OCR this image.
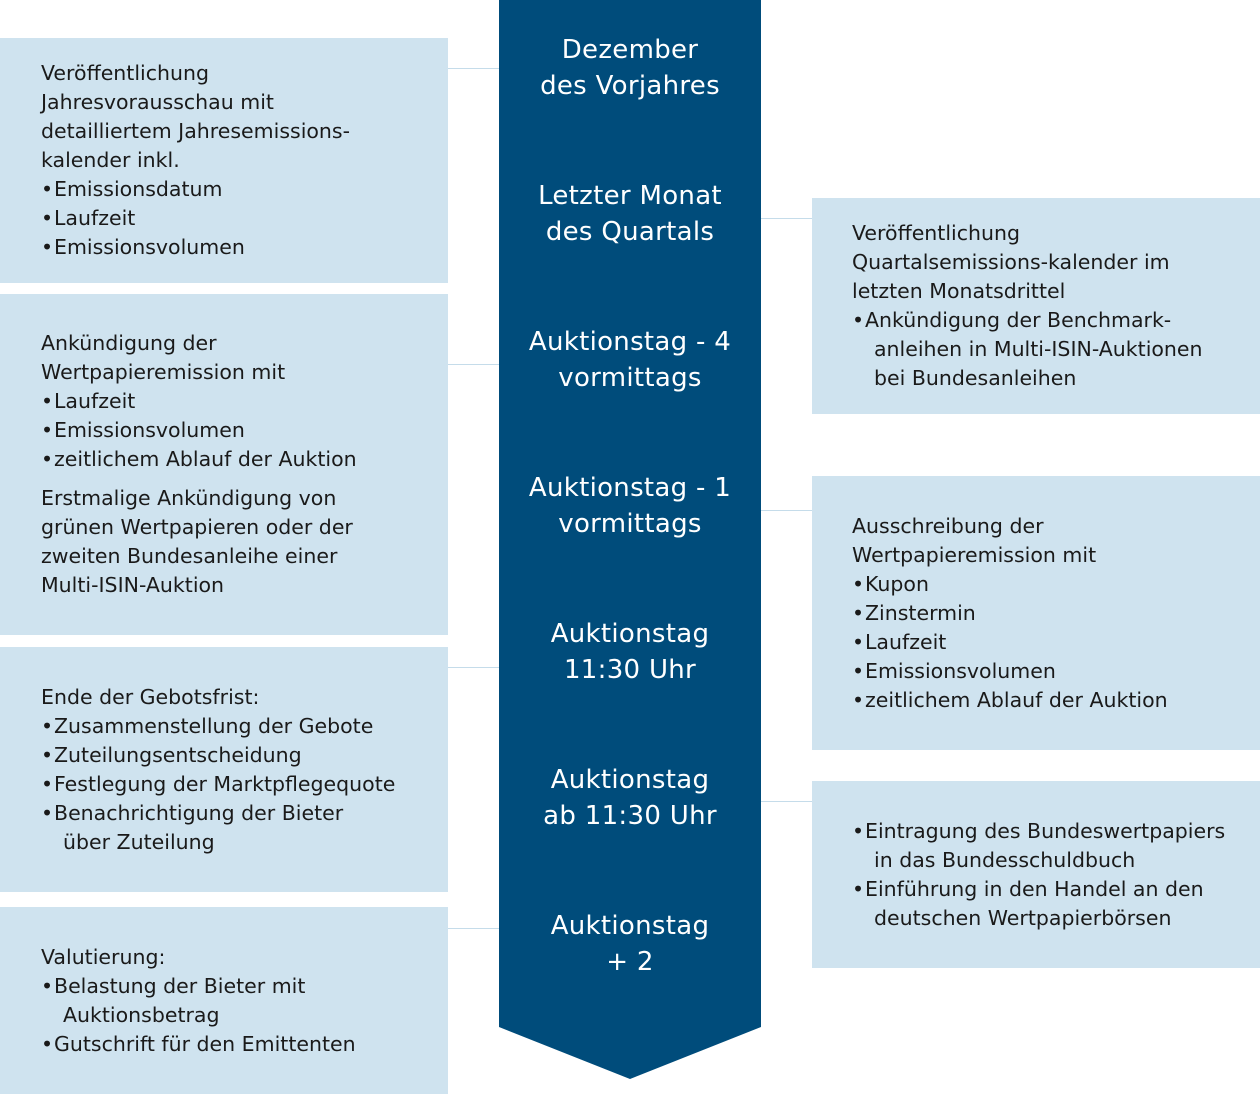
Dezember
des Vorjahres
Letzter Monat
des Quartals
Auktionstag - 4
vormittags
Auktionstag - 1
vormittags
Auktionstag
11:30 Uhr
Auktionstag
ab 11:30 Uhr
Auktionstag
+ 2

Veröffentlichung Jahresvorausschau mit detailliertem Jahresemissions-kalender inkl.

• Emissionsdatum
• Laufzeit
• Emissionsvolumen

Ankündigung der Wertpapieremission mit

• Laufzeit
• Emissionsvolumen
• zeitlichem Ablauf der Auktion

Erstmalige Ankündigung von grünen Wertpapieren oder der zweiten Bundesanleihe einer Multi-ISIN-Auktion

Ende der Gebotsfrist:

• Zusammenstellung der Gebote
• Zuteilungsentscheidung
• Festlegung der Marktpflegequote
• Benachrichtigung der Bieter
über Zuteilung

Valutierung:

• Belastung der Bieter mit
Auktionsbetrag
• Gutschrift für den Emittenten

Veröffentlichung Quartalsemissions-kalender im letzten Monatsdrittel

• Ankündigung der Benchmark-
anleihen in Multi-ISIN-Auktionen
bei Bundesanleihen

Ausschreibung der Wertpapieremission mit

• Kupon
• Zinstermin
• Laufzeit
• Emissionsvolumen
• zeitlichem Ablauf der Auktion
• Eintragung des Bundeswertpapiers
in das Bundesschuldbuch
• Einführung in den Handel an den
deutschen Wertpapierbörsen
